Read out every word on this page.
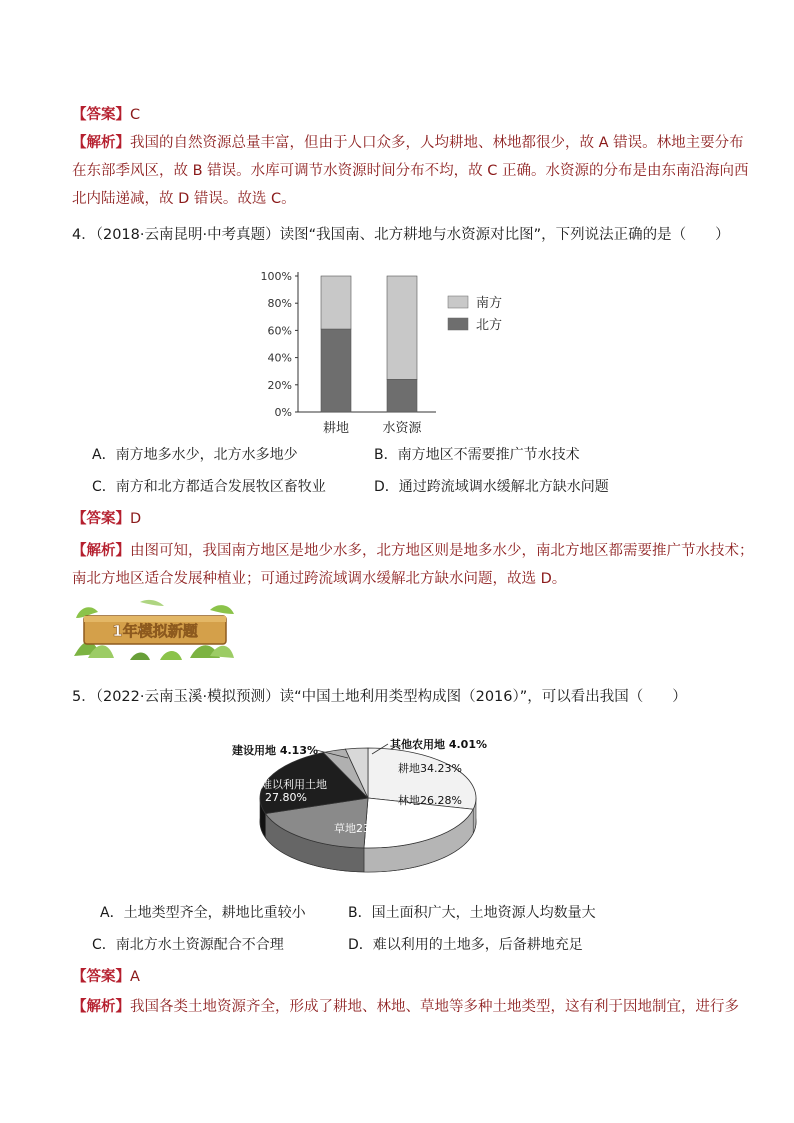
【答案】C
【解析】我国的自然资源总量丰富，但由于人口众多，人均耕地、林地都很少，故 A 错误。林地主要分布
在东部季风区，故 B 错误。水库可调节水资源时间分布不均，故 C 正确。水资源的分布是由东南沿海向西
北内陆递减，故 D 错误。故选 C。
4．（2018·云南昆明·中考真题）读图“我国南、北方耕地与水资源对比图”，下列说法正确的是（　　）
0%
20%
40%
60%
80%
100%
耕地	水资源
南方
北方
A．南方地多水少，北方水多地少	B．南方地区不需要推广节水技术
C．南方和北方都适合发展牧区畜牧业	D．通过跨流域调水缓解北方缺水问题
【答案】D
【解析】由图可知，我国南方地区是地少水多，北方地区则是地多水少，南北方地区都需要推广节水技术；
南北方地区适合发展种植业；可通过跨流域调水缓解北方缺水问题，故选 D。
1年模拟新题
5．（2022·云南玉溪·模拟预测）读“中国土地利用类型构成图（2016）”，可以看出我国（　　）
耕地34.23%
林地26.28%
草地23.15%
难以利用土地
27.80%
建设用地 4.13%	其他农用地 4.01%
A．土地类型齐全，耕地比重较小	B．国土面积广大，土地资源人均数量大
C．南北方水土资源配合不合理	D．难以利用的土地多，后备耕地充足
【答案】A
【解析】我国各类土地资源齐全，形成了耕地、林地、草地等多种土地类型，这有利于因地制宜，进行多
